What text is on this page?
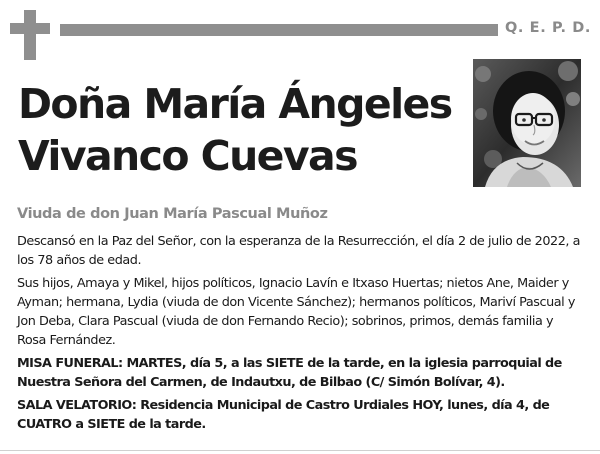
Q. E. P. D.
Doña María Ángeles
Vivanco Cuevas
Viuda de don Juan María Pascual Muñoz

Descansó en la Paz del Señor, con la esperanza de la Resurrección, el día 2 de julio de 2022, a los 78 años de edad.

Sus hijos, Amaya y Mikel, hijos políticos, Ignacio Lavín e Itxaso Huertas; nietos Ane, Maider y Ayman; hermana, Lydia (viuda de don Vicente Sánchez); hermanos políticos, Mariví Pascual y Jon Deba, Clara Pascual (viuda de don Fernando Recio); sobrinos, primos, demás familia y Rosa Fernández.

MISA FUNERAL: MARTES, día 5, a las SIETE de la tarde, en la iglesia parroquial de Nuestra Señora del Carmen, de Indautxu, de Bilbao (C/ Simón Bolívar, 4).

SALA VELATORIO: Residencia Municipal de Castro Urdiales HOY, lunes, día 4, de CUATRO a SIETE de la tarde.
